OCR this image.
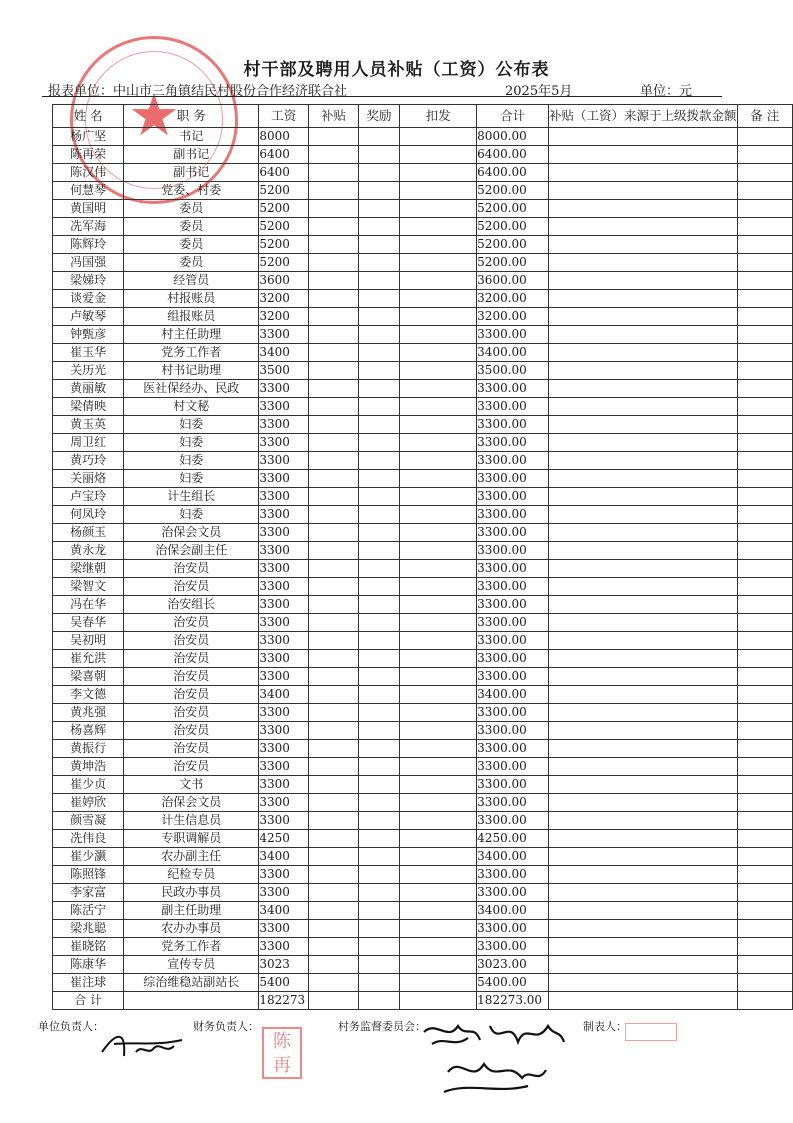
★
村干部及聘用人员补贴（工资）公布表
报表单位：中山市三角镇结民村股份合作经济联合社	2025年5月	单位：元
姓 名	职 务	工资	补贴	奖励	扣发	合计	补贴（工资）来源于上级拨款金额	备 注
杨广坚	书记	8000				8000.00		
陈再荣	副书记	6400				6400.00		
陈汉伟	副书记	6400				6400.00		
何慧琴	党委、村委	5200				5200.00		
黄国明	委员	5200				5200.00		
冼军海	委员	5200				5200.00		
陈辉玲	委员	5200				5200.00		
冯国强	委员	5200				5200.00		
梁娣玲	经管员	3600				3600.00		
谈爱金	村报账员	3200				3200.00		
卢敏琴	组报账员	3200				3200.00		
钟甄彦	村主任助理	3300				3300.00		
崔玉华	党务工作者	3400				3400.00		
关历光	村书记助理	3500				3500.00		
黄丽敏	医社保经办、民政	3300				3300.00		
梁倩映	村文秘	3300				3300.00		
黄玉英	妇委	3300				3300.00		
周卫红	妇委	3300				3300.00		
黄巧玲	妇委	3300				3300.00		
关丽烙	妇委	3300				3300.00		
卢宝玲	计生组长	3300				3300.00		
何凤玲	妇委	3300				3300.00		
杨颜玉	治保会文员	3300				3300.00		
黄永龙	治保会副主任	3300				3300.00		
梁继朝	治安员	3300				3300.00		
梁智文	治安员	3300				3300.00		
冯在华	治安组长	3300				3300.00		
吴春华	治安员	3300				3300.00		
吴初明	治安员	3300				3300.00		
崔允洪	治安员	3300				3300.00		
梁喜朝	治安员	3300				3300.00		
李文德	治安员	3400				3400.00		
黄兆强	治安员	3300				3300.00		
杨喜辉	治安员	3300				3300.00		
黄振行	治安员	3300				3300.00		
黄坤浩	治安员	3300				3300.00		
崔少贞	文书	3300				3300.00		
崔婷欣	治保会文员	3300				3300.00		
颜雪凝	计生信息员	3300				3300.00		
冼伟良	专职调解员	4250				4250.00		
崔少灏	农办副主任	3400				3400.00		
陈照锋	纪检专员	3300				3300.00		
李家富	民政办事员	3300				3300.00		
陈活宁	副主任助理	3400				3400.00		
梁兆聪	农办办事员	3300				3300.00		
崔晓铭	党务工作者	3300				3300.00		
陈康华	宣传专员	3023				3023.00		
崔注球	综治维稳站副站长	5400				5400.00		
合 计		182273				182273.00		
单位负责人：	财务负责人：	村务监督委员会：	制表人：
陈
再
